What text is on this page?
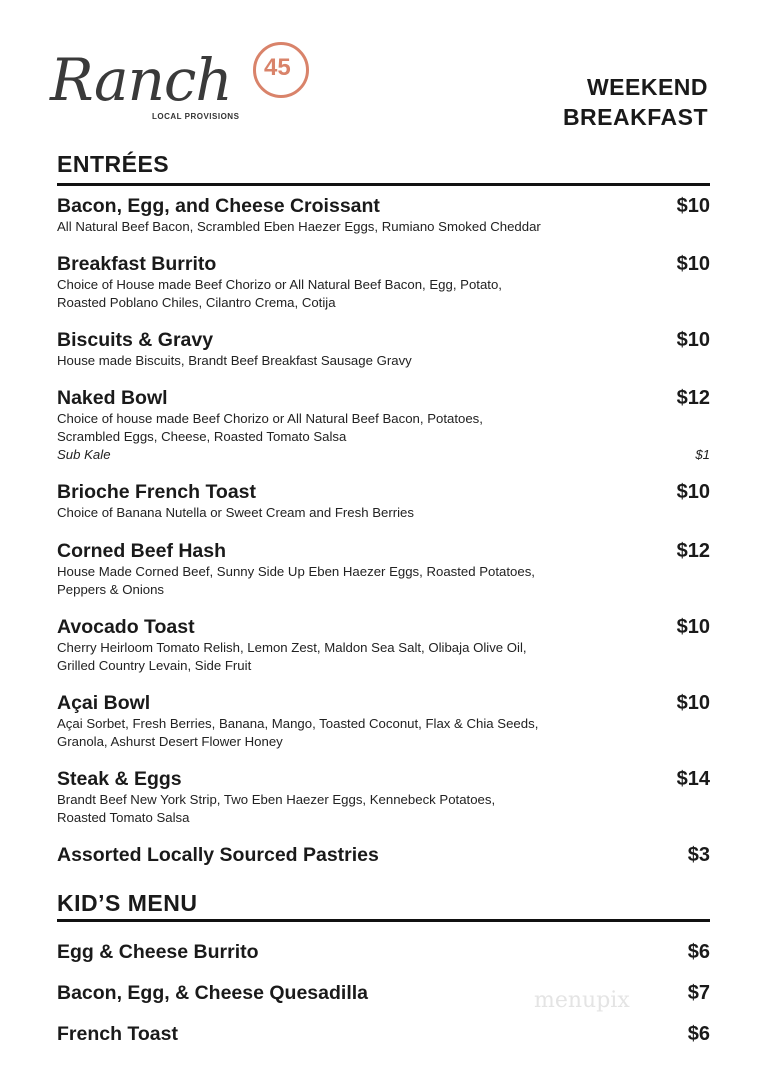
Ranch 45
LOCAL PROVISIONS
WEEKEND
BREAKFAST
ENTRÉES
Bacon, Egg, and Cheese Croissant	$10
All Natural Beef Bacon, Scrambled Eben Haezer Eggs, Rumiano Smoked Cheddar
Breakfast Burrito	$10
Choice of House made Beef Chorizo or All Natural Beef Bacon, Egg, Potato,
Roasted Poblano Chiles, Cilantro Crema, Cotija
Biscuits & Gravy	$10
House made Biscuits, Brandt Beef Breakfast Sausage Gravy
Naked Bowl	$12
Choice of house made Beef Chorizo or All Natural Beef Bacon, Potatoes,
Scrambled Eggs, Cheese, Roasted Tomato Salsa
Sub Kale	$1
Brioche French Toast	$10
Choice of Banana Nutella or Sweet Cream and Fresh Berries
Corned Beef Hash	$12
House Made Corned Beef, Sunny Side Up Eben Haezer Eggs, Roasted Potatoes,
Peppers & Onions
Avocado Toast	$10
Cherry Heirloom Tomato Relish, Lemon Zest, Maldon Sea Salt, Olibaja Olive Oil,
Grilled Country Levain, Side Fruit
Açai Bowl	$10
Açai Sorbet, Fresh Berries, Banana, Mango, Toasted Coconut, Flax & Chia Seeds,
Granola, Ashurst Desert Flower Honey
Steak & Eggs	$14
Brandt Beef New York Strip, Two Eben Haezer Eggs, Kennebeck Potatoes,
Roasted Tomato Salsa
Assorted Locally Sourced Pastries	$3
KID’S MENU
Egg & Cheese Burrito	$6
Bacon, Egg, & Cheese Quesadilla	$7
French Toast	$6
menupix
